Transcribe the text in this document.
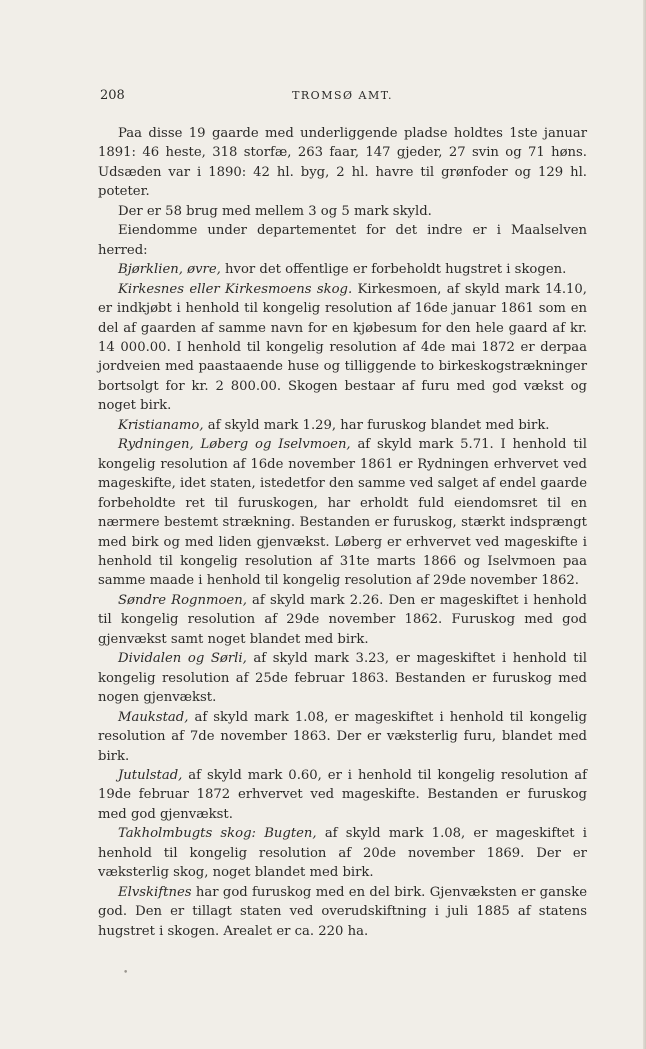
208	TROMSØ AMT.

Paa disse 19 gaarde med underliggende pladse holdtes 1ste januar 1891: 46 heste, 318 storfæ, 263 faar, 147 gjeder, 27 svin og 71 høns. Udsæden var i 1890: 42 hl. byg, 2 hl. havre til grønfoder og 129 hl. poteter.

Der er 58 brug med mellem 3 og 5 mark skyld.

Eiendomme under departementet for det indre er i Maalselven herred:

Bjørklien, øvre, hvor det offentlige er forbeholdt hugstret i skogen.

Kirkesnes eller Kirkesmoens skog. Kirkesmoen, af skyld mark 14.10, er indkjøbt i henhold til kongelig resolution af 16de januar 1861 som en del af gaarden af samme navn for en kjøbesum for den hele gaard af kr. 14 000.00. I henhold til kongelig resolution af 4de mai 1872 er derpaa jordveien med paastaaende huse og tilliggende to birkeskogstrækninger bortsolgt for kr. 2 800.00. Skogen bestaar af furu med god vækst og noget birk.

Kristianamo, af skyld mark 1.29, har furuskog blandet med birk.

Rydningen, Løberg og Iselvmoen, af skyld mark 5.71. I henhold til kongelig resolution af 16de november 1861 er Rydningen erhvervet ved mageskifte, idet staten, istedetfor den samme ved salget af endel gaarde forbeholdte ret til furuskogen, har erholdt fuld eiendomsret til en nærmere bestemt strækning. Bestanden er furuskog, stærkt indsprængt med birk og med liden gjenvækst. Løberg er erhvervet ved mageskifte i henhold til kongelig resolution af 31te marts 1866 og Iselvmoen paa samme maade i henhold til kongelig resolution af 29de november 1862.

Søndre Rognmoen, af skyld mark 2.26. Den er mageskiftet i henhold til kongelig resolution af 29de november 1862. Furuskog med god gjenvækst samt noget blandet med birk.

Dividalen og Sørli, af skyld mark 3.23, er mageskiftet i henhold til kongelig resolution af 25de februar 1863. Bestanden er furuskog med nogen gjenvækst.

Maukstad, af skyld mark 1.08, er mageskiftet i henhold til kongelig resolution af 7de november 1863. Der er væksterlig furu, blandet med birk.

Jutulstad, af skyld mark 0.60, er i henhold til kongelig resolution af 19de februar 1872 erhvervet ved mageskifte. Bestanden er furuskog med god gjenvækst.

Takholmbugts skog: Bugten, af skyld mark 1.08, er mageskiftet i henhold til kongelig resolution af 20de november 1869. Der er væksterlig skog, noget blandet med birk.

Elvskiftnes har god furuskog med en del birk. Gjenvæksten er ganske god. Den er tillagt staten ved overudskiftning i juli 1885 af statens hugstret i skogen. Arealet er ca. 220 ha.

•
